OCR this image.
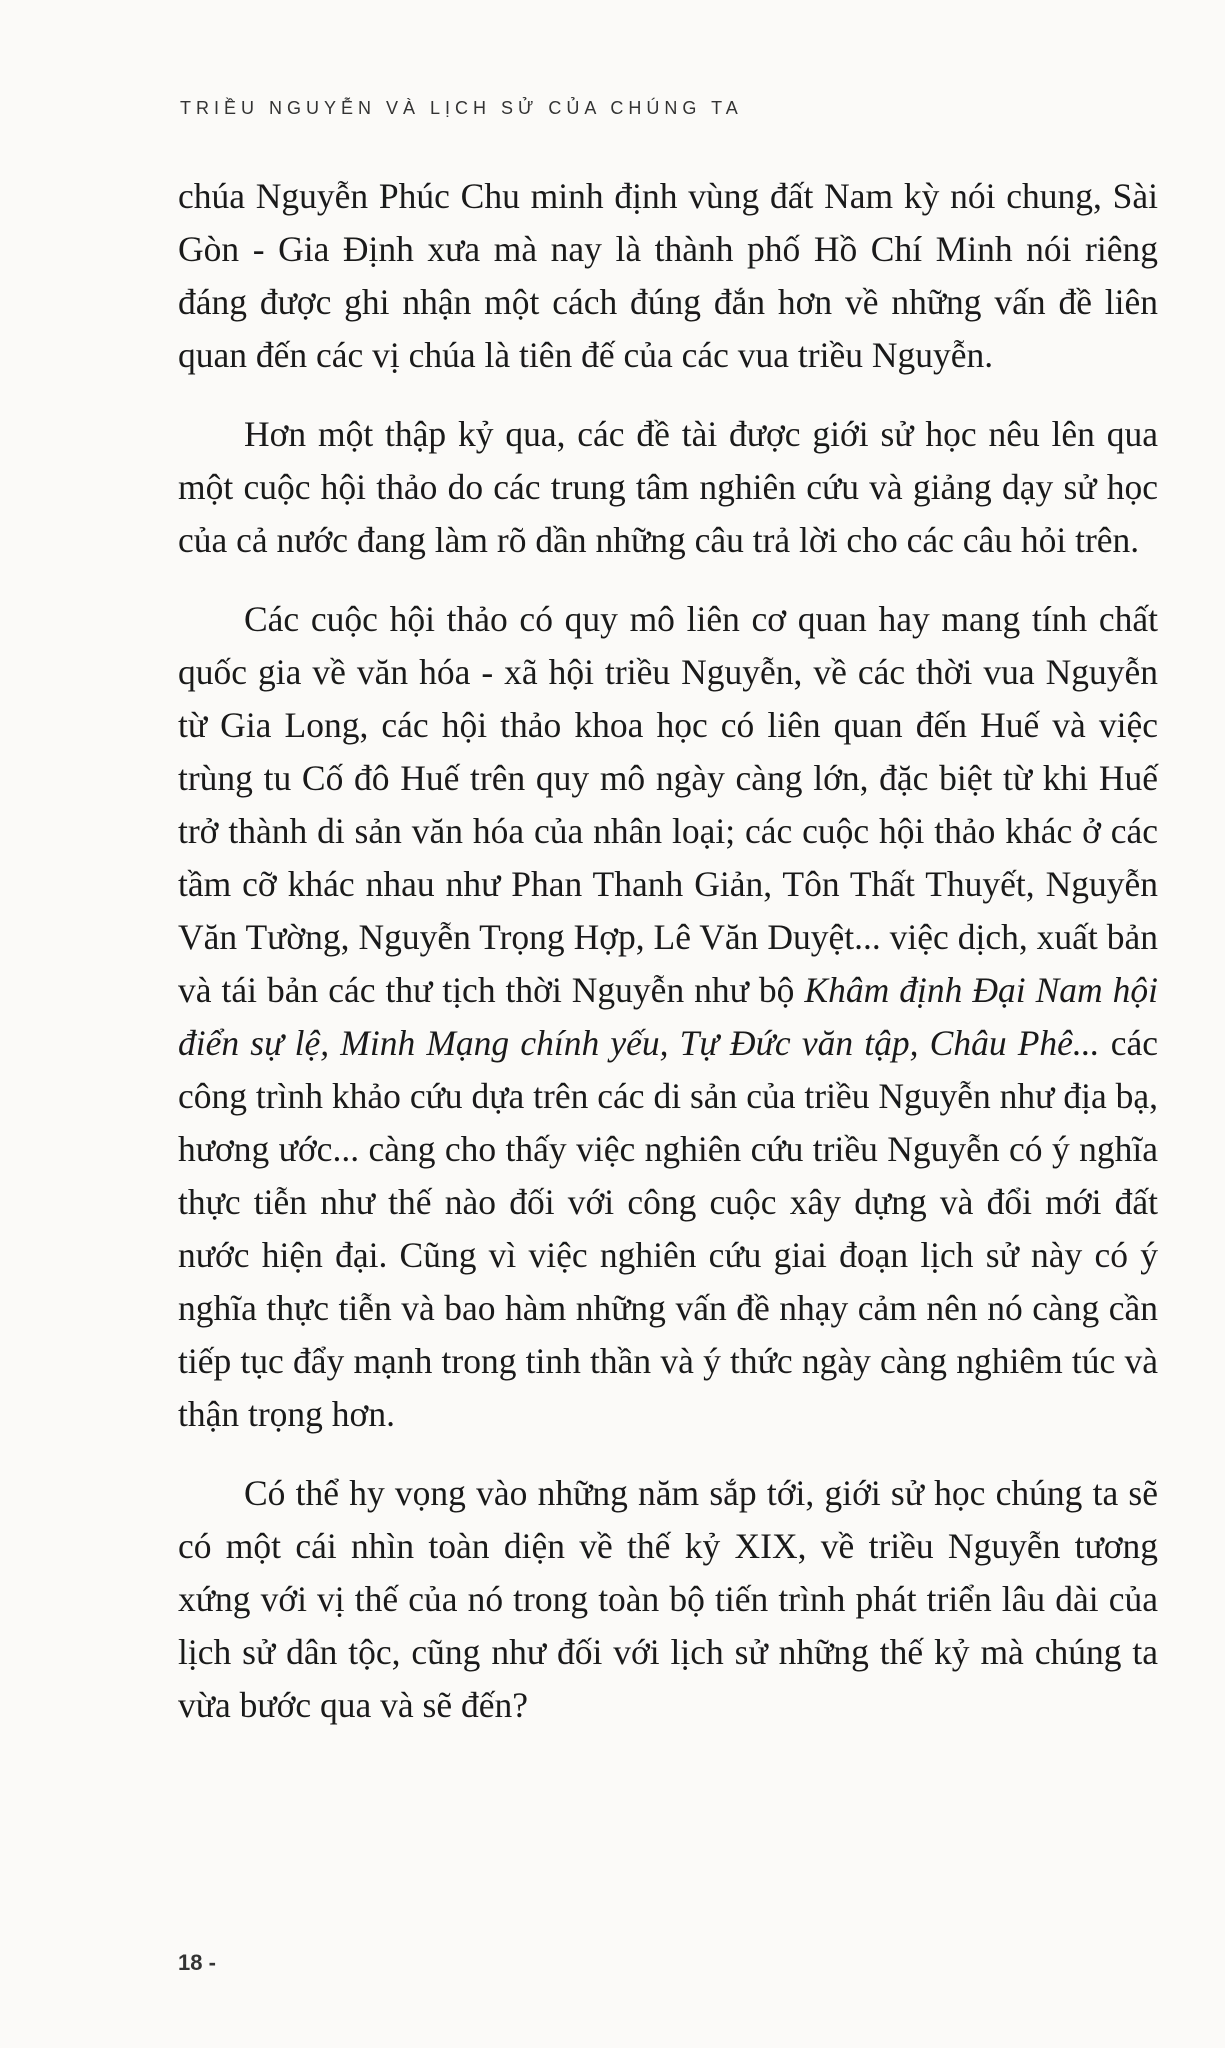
TRIỀU NGUYỄN VÀ LỊCH SỬ CỦA CHÚNG TA

chúa Nguyễn Phúc Chu minh định vùng đất Nam kỳ nói chung, Sài Gòn - Gia Định xưa mà nay là thành phố Hồ Chí Minh nói riêng đáng được ghi nhận một cách đúng đắn hơn về những vấn đề liên quan đến các vị chúa là tiên đế của các vua triều Nguyễn.

Hơn một thập kỷ qua, các đề tài được giới sử học nêu lên qua một cuộc hội thảo do các trung tâm nghiên cứu và giảng dạy sử học của cả nước đang làm rõ dần những câu trả lời cho các câu hỏi trên.

Các cuộc hội thảo có quy mô liên cơ quan hay mang tính chất quốc gia về văn hóa - xã hội triều Nguyễn, về các thời vua Nguyễn từ Gia Long, các hội thảo khoa học có liên quan đến Huế và việc trùng tu Cố đô Huế trên quy mô ngày càng lớn, đặc biệt từ khi Huế trở thành di sản văn hóa của nhân loại; các cuộc hội thảo khác ở các tầm cỡ khác nhau như Phan Thanh Giản, Tôn Thất Thuyết, Nguyễn Văn Tường, Nguyễn Trọng Hợp, Lê Văn Duyệt... việc dịch, xuất bản và tái bản các thư tịch thời Nguyễn như bộ Khâm định Đại Nam hội điển sự lệ, Minh Mạng chính yếu, Tự Đức văn tập, Châu Phê... các công trình khảo cứu dựa trên các di sản của triều Nguyễn như địa bạ, hương ước... càng cho thấy việc nghiên cứu triều Nguyễn có ý nghĩa thực tiễn như thế nào đối với công cuộc xây dựng và đổi mới đất nước hiện đại. Cũng vì việc nghiên cứu giai đoạn lịch sử này có ý nghĩa thực tiễn và bao hàm những vấn đề nhạy cảm nên nó càng cần tiếp tục đẩy mạnh trong tinh thần và ý thức ngày càng nghiêm túc và thận trọng hơn.

Có thể hy vọng vào những năm sắp tới, giới sử học chúng ta sẽ có một cái nhìn toàn diện về thế kỷ XIX, về triều Nguyễn tương xứng với vị thế của nó trong toàn bộ tiến trình phát triển lâu dài của lịch sử dân tộc, cũng như đối với lịch sử những thế kỷ mà chúng ta vừa bước qua và sẽ đến?

18 -
